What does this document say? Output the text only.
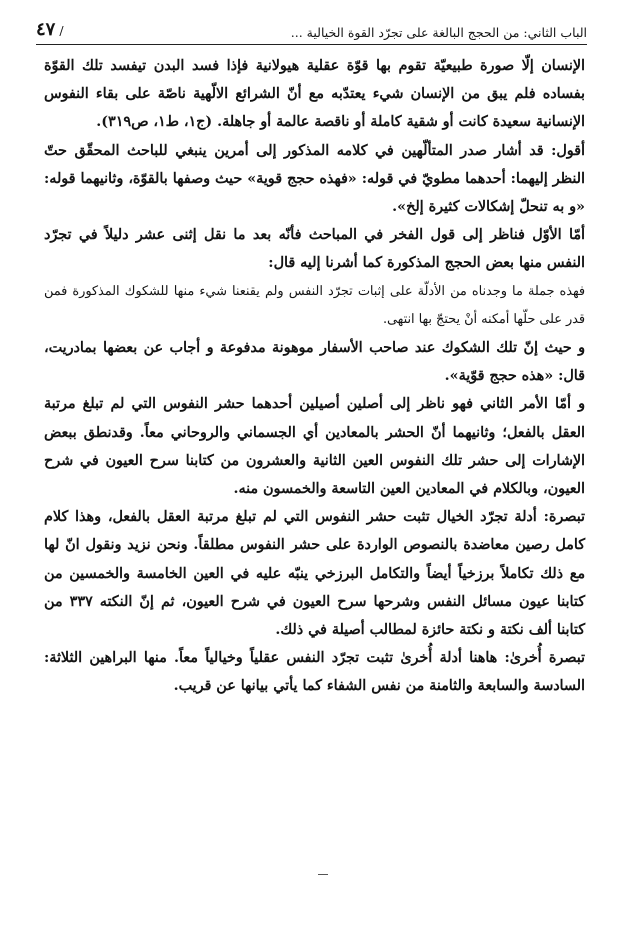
الباب الثاني: من الحجج البالغة على تجرّد القوة الخيالية ...
/ ٤٧

الإنسان إلّا صورة طبيعيّة تقوم بها قوّة عقلية هيولانية فإذا فسد البدن تيفسد تلك القوّة بفساده فلم يبق من الإنسان شيء يعتدّبه مع أنّ الشرائع الالّهية ناصّة على بقاء النفوس الإنسانية سعيدة كانت أو شقية كاملة أو ناقصة عالمة أو جاهلة. (ج١، ط١، ص٣١٩).

أقول: قد أشار صدر المتألّهين في كلامه المذكور إلى أمرين ينبغي للباحث المحقّق حتّ النظر إليهما: أحدهما مطويّ في قوله: «فهذه حجج قوية» حيث وصفها بالقوّة، وثانيهما قوله: «و به تنحلّ إشكالات كثيرة إلخ».

أمّا الأوّل فناظر إلى قول الفخر في المباحث فأنّه بعد ما نقل إثنى عشر دليلاً في تجرّد النفس منها بعض الحجج المذكورة كما أشرنا إليه قال:

فهذه جملة ما وجدناه من الأدلّة على إثبات تجرّد النفس ولم يقنعنا شيء منها للشكوك المذكورة فمن قدر على حلّها أمكنه أنْ يحتجّ بها انتهى.

و حيث إنّ تلك الشكوك عند صاحب الأسفار موهونة مدفوعة و أجاب عن بعضها بمادريت، قال: «هذه حجج قوّية».

و أمّا الأمر الثاني فهو ناظر إلى أصلين أصيلين أحدهما حشر النفوس التي لم تبلغ مرتبة العقل بالفعل؛ وثانيهما أنّ الحشر بالمعادين أي الجسماني والروحاني معاً. وقدنطق ببعض الإشارات إلى حشر تلك النفوس العين الثانية والعشرون من كتابنا سرح العيون في شرح العيون، وبالكلام في المعادين العين التاسعة والخمسون منه.

تبصرة: أدلة تجرّد الخيال تثبت حشر النفوس التي لم تبلغ مرتبة العقل بالفعل، وهذا كلام كامل رصين معاضدة بالنصوص الواردة على حشر النفوس مطلقاً. ونحن نزيد ونقول انّ لها مع ذلك تكاملاً برزخياً أيضاً والتكامل البرزخي ينبّه عليه في العين الخامسة والخمسين من كتابنا عيون مسائل النفس وشرحها سرح العيون في شرح العيون، ثم إنّ النكته ٣٣٧ من كتابنا ألف نكتة و نكتة حائزة لمطالب أصيلة في ذلك.

تبصرة أُخرىٰ: هاهنا أدلة أُخرىٰ تثبت تجرّد النفس عقلياً وخيالياً معاً. منها البراهين الثلاثة: السادسة والسابعة والثامنة من نفس الشفاء كما يأتي بيانها عن قريب.
